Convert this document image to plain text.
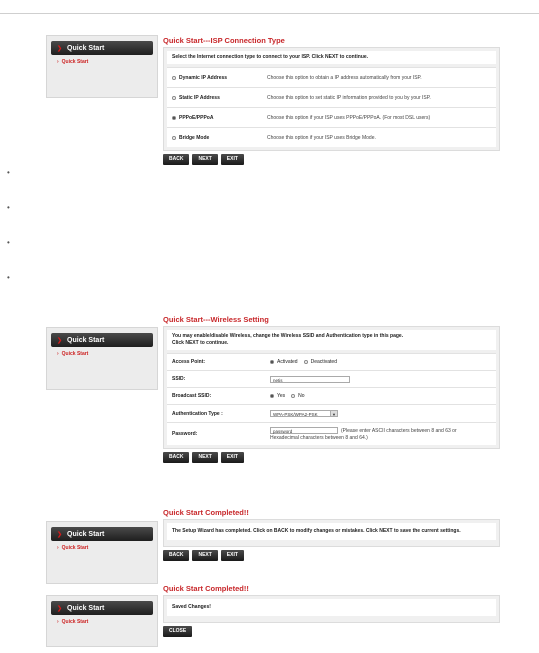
❯ Quick Start
› Quick Start
Quick Start---ISP Connection Type
Select the Internet connection type to connect to your ISP. Click NEXT to continue.
Dynamic IP Address	Choose this option to obtain a IP address automatically from your ISP.
Static IP Address	Choose this option to set static IP information provided to you by your ISP.
PPPoE/PPPoA	Choose this option if your ISP uses PPPoE/PPPoA. (For most DSL users)
Bridge Mode	Choose this option if your ISP uses Bridge Mode.
BACK	NEXT	EXIT
•
•
•
•
❯ Quick Start
› Quick Start
Quick Start---Wireless Setting
You may enable/disable Wireless, change the Wireless SSID and Authentication type in this page.
Click NEXT to continue.
Access Point:	Activated	Deactivated
SSID:	netis
Broadcast SSID:	Yes	No
Authentication Type :	WPA-PSK/WPA2-PSK	▼
Password:	password	(Please enter ASCII characters between 8 and 63 or
Hexadecimal characters between 8 and 64.)
BACK	NEXT	EXIT
❯ Quick Start
› Quick Start
Quick Start Completed!!
The Setup Wizard has completed. Click on BACK to modify changes or mistakes. Click NEXT to save the current settings.
BACK	NEXT	EXIT
❯ Quick Start
› Quick Start
Quick Start Completed!!
Saved Changes!
CLOSE
